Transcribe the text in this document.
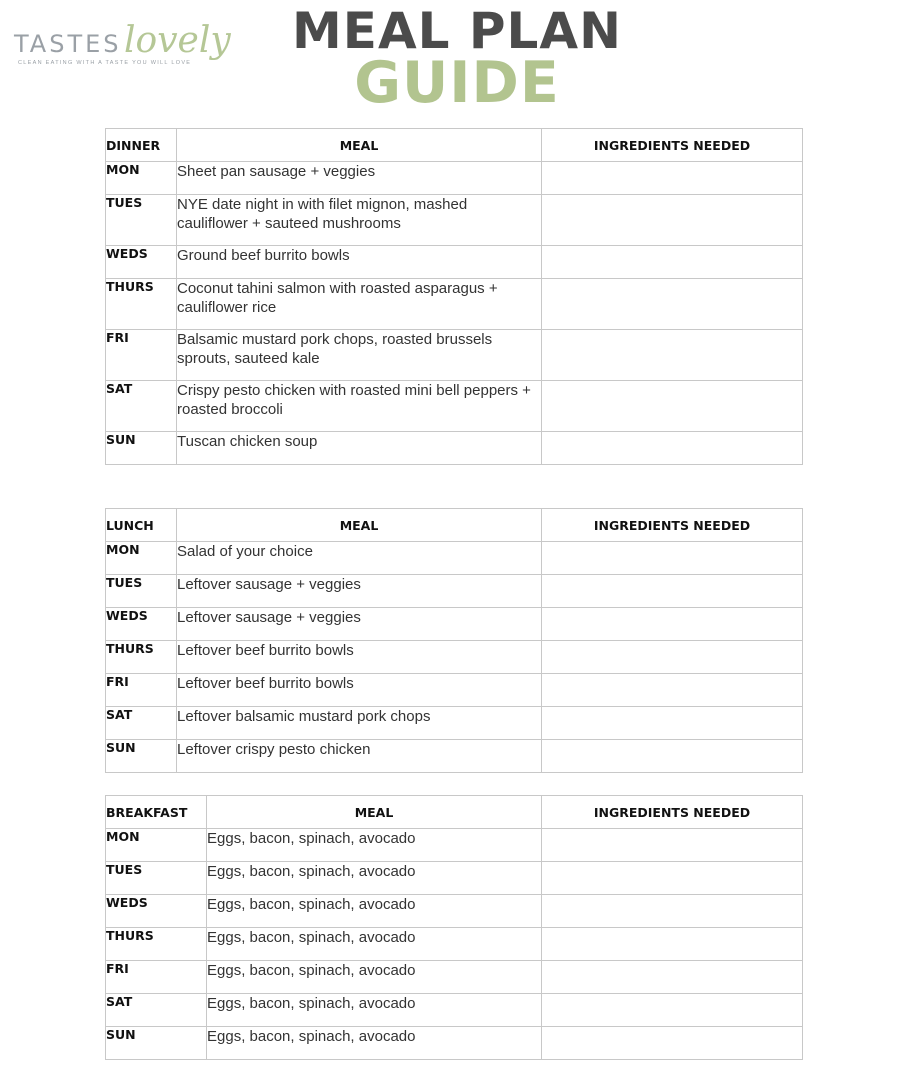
TASTES lovely
CLEAN EATING WITH A TASTE YOU WILL LOVE
MEAL PLAN
GUIDE
DINNER	MEAL	INGREDIENTS NEEDED
MON	Sheet pan sausage + veggies	
TUES	NYE date night in with filet mignon, mashed cauliflower + sauteed mushrooms	
WEDS	Ground beef burrito bowls	
THURS	Coconut tahini salmon with roasted asparagus + cauliflower rice	
FRI	Balsamic mustard pork chops, roasted brussels sprouts, sauteed kale	
SAT	Crispy pesto chicken with roasted mini bell peppers + roasted broccoli	
SUN	Tuscan chicken soup	
LUNCH	MEAL	INGREDIENTS NEEDED
MON	Salad of your choice	
TUES	Leftover sausage + veggies	
WEDS	Leftover sausage + veggies	
THURS	Leftover beef burrito bowls	
FRI	Leftover beef burrito bowls	
SAT	Leftover balsamic mustard pork chops	
SUN	Leftover crispy pesto chicken	
BREAKFAST	MEAL	INGREDIENTS NEEDED
MON	Eggs, bacon, spinach, avocado	
TUES	Eggs, bacon, spinach, avocado	
WEDS	Eggs, bacon, spinach, avocado	
THURS	Eggs, bacon, spinach, avocado	
FRI	Eggs, bacon, spinach, avocado	
SAT	Eggs, bacon, spinach, avocado	
SUN	Eggs, bacon, spinach, avocado	
